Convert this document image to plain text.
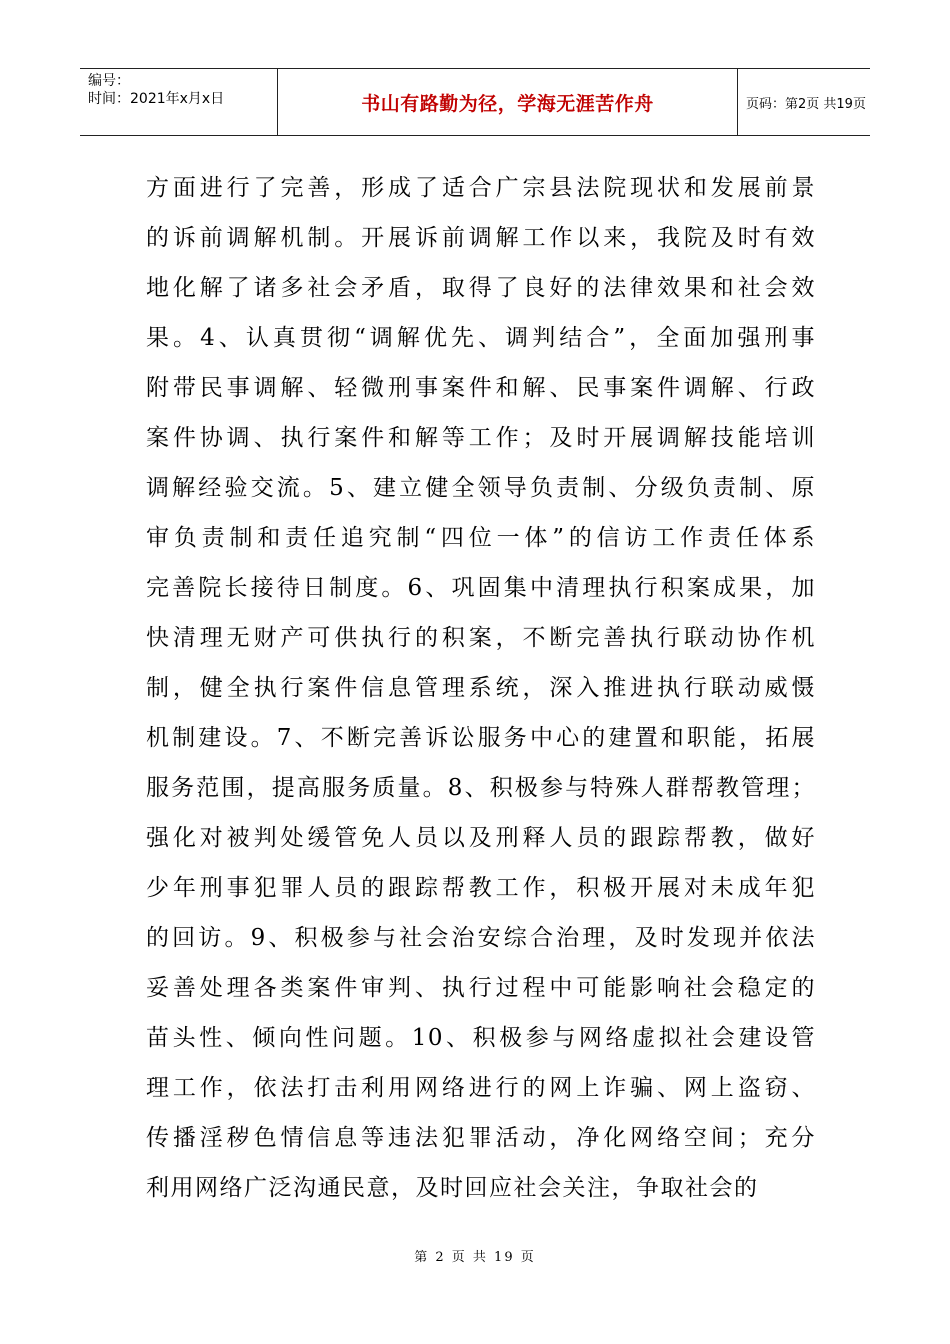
编号：
时间：2021年x月x日	书山有路勤为径，学海无涯苦作舟	页码：第2页 共19页
方面进行了完善，形成了适合广宗县法院现状和发展前景
的诉前调解机制。开展诉前调解工作以来，我院及时有效
地化解了诸多社会矛盾，取得了良好的法律效果和社会效
果。4、认真贯彻“调解优先、调判结合”，全面加强刑事
附带民事调解、轻微刑事案件和解、民事案件调解、行政
案件协调、执行案件和解等工作；及时开展调解技能培训
调解经验交流。5、建立健全领导负责制、分级负责制、原
审负责制和责任追究制“四位一体”的信访工作责任体系
完善院长接待日制度。6、巩固集中清理执行积案成果，加
快清理无财产可供执行的积案，不断完善执行联动协作机
制，健全执行案件信息管理系统，深入推进执行联动威慑
机制建设。7、不断完善诉讼服务中心的建置和职能，拓展
服务范围，提高服务质量。8、积极参与特殊人群帮教管理；
强化对被判处缓管免人员以及刑释人员的跟踪帮教，做好
少年刑事犯罪人员的跟踪帮教工作，积极开展对未成年犯
的回访。9、积极参与社会治安综合治理，及时发现并依法
妥善处理各类案件审判、执行过程中可能影响社会稳定的
苗头性、倾向性问题。10、积极参与网络虚拟社会建设管
理工作，依法打击利用网络进行的网上诈骗、网上盗窃、
传播淫秽色情信息等违法犯罪活动，净化网络空间；充分
利用网络广泛沟通民意，及时回应社会关注，争取社会的
第 2 页 共 19 页
